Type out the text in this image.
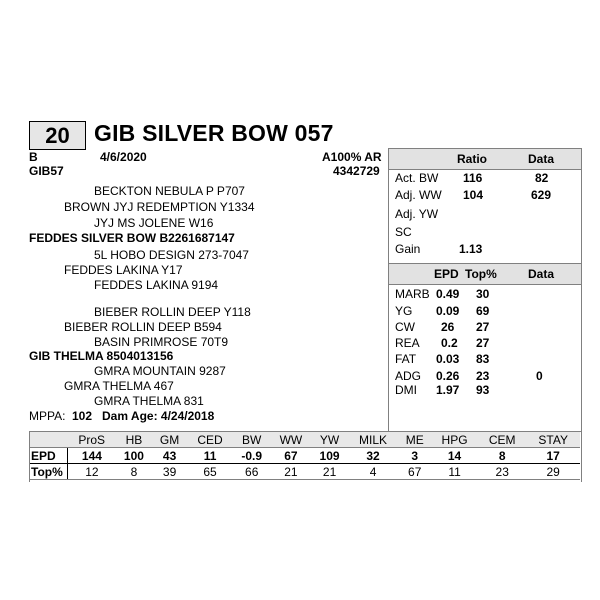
20	GIB SILVER BOW 057
B	4/6/2020	A100% AR
GIB57	4342729
BECKTON NEBULA P P707
BROWN JYJ REDEMPTION Y1334
JYJ MS JOLENE W16
FEDDES SILVER BOW B2261687147
5L HOBO DESIGN 273-7047
FEDDES LAKINA Y17
FEDDES LAKINA 9194
BIEBER ROLLIN DEEP Y118
BIEBER ROLLIN DEEP B594
BASIN PRIMROSE 70T9
GIB THELMA 8504013156
GMRA MOUNTAIN 9287
GMRA THELMA 467
GMRA THELMA 831
MPPA: 102 Dam Age: 4/24/2018
Ratio	Data
Act. BW 116	82
Adj. WW 104	629
Adj. YW
SC
Gain	1.13
EPD Top%	Data
MARB 0.49 30
YG 0.09 69
CW 26 27
REA 0.2 27
FAT 0.03 83
ADG 0.26 23	0
DMI 1.97 93
	ProS	HB	GM	CED	BW	WW	YW	MILK	ME	HPG	CEM	STAY
EPD	144	100	43	11	-0.9	67	109	32	3	14	8	17
Top%	12	8	39	65	66	21	21	4	67	11	23	29
